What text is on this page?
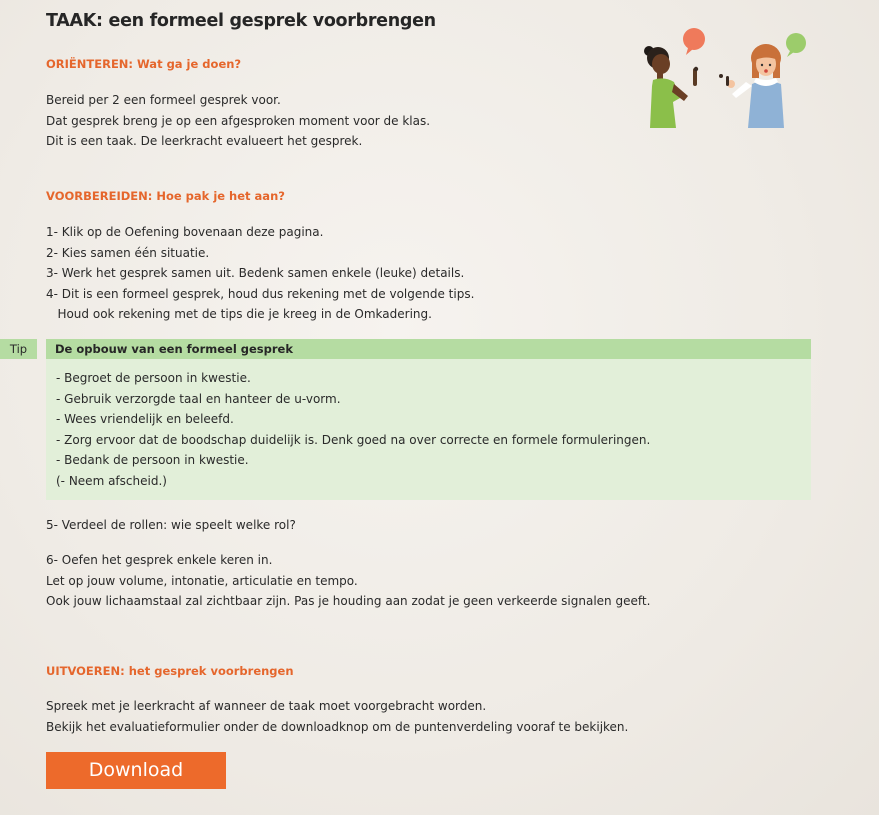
TAAK: een formeel gesprek voorbrengen
ORIËNTEREN: Wat ga je doen?
Bereid per 2 een formeel gesprek voor.
Dat gesprek breng je op een afgesproken moment voor de klas.
Dit is een taak. De leerkracht evalueert het gesprek.
VOORBEREIDEN: Hoe pak je het aan?
1- Klik op de Oefening bovenaan deze pagina.
2- Kies samen één situatie.
3- Werk het gesprek samen uit. Bedenk samen enkele (leuke) details.
4- Dit is een formeel gesprek, houd dus rekening met de volgende tips.
Houd ook rekening met de tips die je kreeg in de Omkadering.
Tip	De opbouw van een formeel gesprek
- Begroet de persoon in kwestie.
- Gebruik verzorgde taal en hanteer de u-vorm.
- Wees vriendelijk en beleefd.
- Zorg ervoor dat de boodschap duidelijk is. Denk goed na over correcte en formele formuleringen.
- Bedank de persoon in kwestie.
(- Neem afscheid.)
5- Verdeel de rollen: wie speelt welke rol?
6- Oefen het gesprek enkele keren in.
Let op jouw volume, intonatie, articulatie en tempo.
Ook jouw lichaamstaal zal zichtbaar zijn. Pas je houding aan zodat je geen verkeerde signalen geeft.
UITVOEREN: het gesprek voorbrengen
Spreek met je leerkracht af wanneer de taak moet voorgebracht worden.
Bekijk het evaluatieformulier onder de downloadknop om de puntenverdeling vooraf te bekijken.
Download
